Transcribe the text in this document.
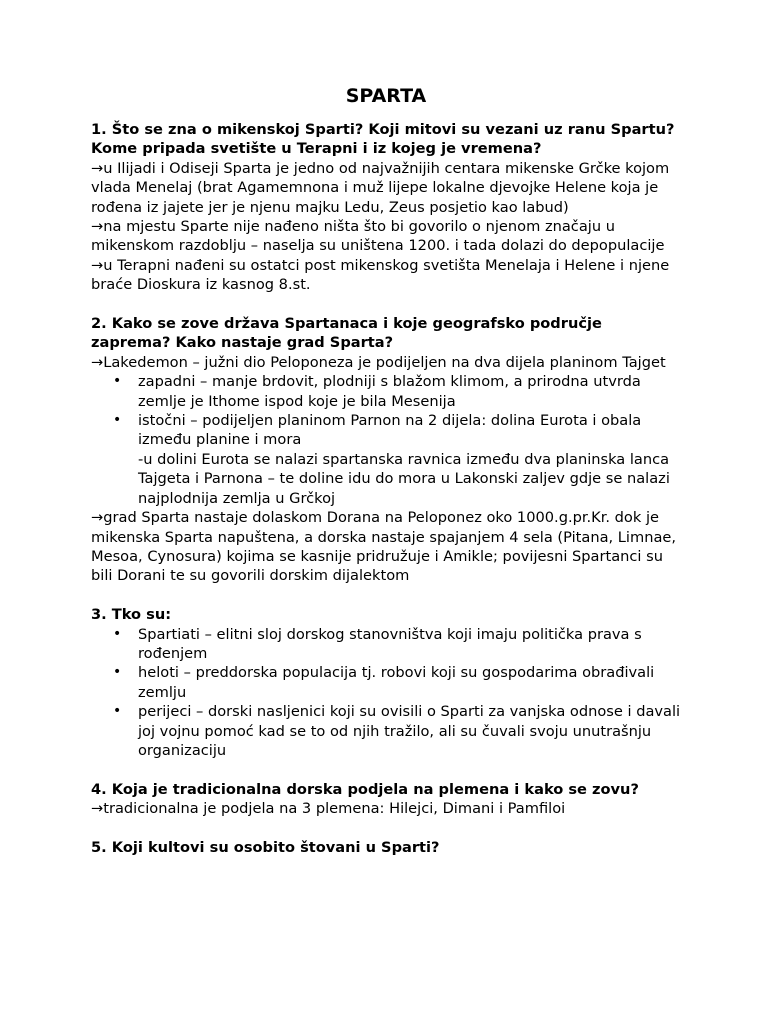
SPARTA

1. Što se zna o mikenskoj Sparti? Koji mitovi su vezani uz ranu Spartu? Kome pripada svetište u Terapni i iz kojeg je vremena?

→u Ilijadi i Odiseji Sparta je jedno od najvažnijih centara mikenske Grčke kojom vlada Menelaj (brat Agamemnona i muž lijepe lokalne djevojke Helene koja je rođena iz jajete jer je njenu majku Ledu, Zeus posjetio kao labud)

→na mjestu Sparte nije nađeno ništa što bi govorilo o njenom značaju u mikenskom razdoblju – naselja su uništena 1200. i tada dolazi do depopulacije

→u Terapni nađeni su ostatci post mikenskog svetišta Menelaja i Helene i njene braće Dioskura iz kasnog 8.st.

2. Kako se zove država Spartanaca i koje geografsko područje zaprema? Kako nastaje grad Sparta?

→Lakedemon – južni dio Peloponeza je podijeljen na dva dijela planinom Tajget

• zapadni – manje brdovit, plodniji s blažom klimom, a prirodna utvrda zemlje je Ithome ispod koje je bila Mesenija
• istočni – podijeljen planinom Parnon na 2 dijela: dolina Eurota i obala između planine i mora
-u dolini Eurota se nalazi spartanska ravnica između dva planinska lanca Tajgeta i Parnona – te doline idu do mora u Lakonski zaljev gdje se nalazi najplodnija zemlja u Grčkoj

→grad Sparta nastaje dolaskom Dorana na Peloponez oko 1000.g.pr.Kr. dok je mikenska Sparta napuštena, a dorska nastaje spajanjem 4 sela (Pitana, Limnae, Mesoa, Cynosura) kojima se kasnije pridružuje i Amikle; povijesni Spartanci su bili Dorani te su govorili dorskim dijalektom

3. Tko su:

• Spartiati – elitni sloj dorskog stanovništva koji imaju politička prava s rođenjem
• heloti – preddorska populacija tj. robovi koji su gospodarima obrađivali zemlju
• perijeci – dorski nasljenici koji su ovisili o Sparti za vanjska odnose i davali joj vojnu pomoć kad se to od njih tražilo, ali su čuvali svoju unutrašnju organizaciju

4. Koja je tradicionalna dorska podjela na plemena i kako se zovu?

→tradicionalna je podjela na 3 plemena: Hilejci, Dimani i Pamfiloi

5. Koji kultovi su osobito štovani u Sparti?
